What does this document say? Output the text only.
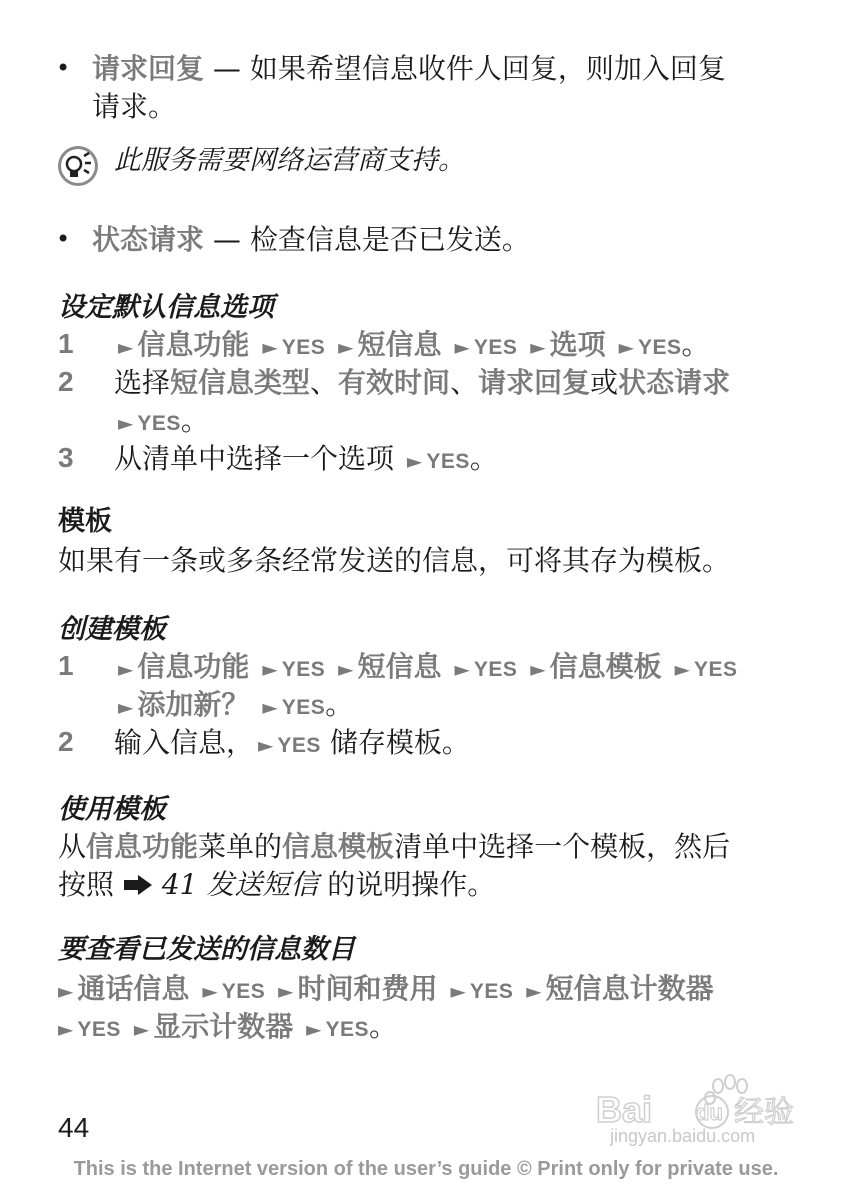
• 请求回复 — 如果希望信息收件人回复，则加入回复
请求。
此服务需要网络运营商支持。
• 状态请求 — 检查信息是否已发送。
设定默认信息选项
1 ► 信息功能 ► YES ► 短信息 ► YES ► 选项 ► YES。
2 选择短信息类型、有效时间、请求回复或状态请求
► YES。
3 从清单中选择一个选项 ► YES。
模板
如果有一条或多条经常发送的信息，可将其存为模板。
创建模板
1 ► 信息功能 ► YES ► 短信息 ► YES ► 信息模板 ► YES
► 添加新？ ► YES。
2 输入信息， ► YES 储存模板。
使用模板
从信息功能菜单的信息模板清单中选择一个模板，然后
按照 41 发送短信 的说明操作。
要查看已发送的信息数目
► 通话信息 ► YES ► 时间和费用 ► YES ► 短信息计数器
► YES ► 显示计数器 ► YES。
Bai du 经验
jingyan.baidu.com
44
This is the Internet version of the user’s guide © Print only for private use.
